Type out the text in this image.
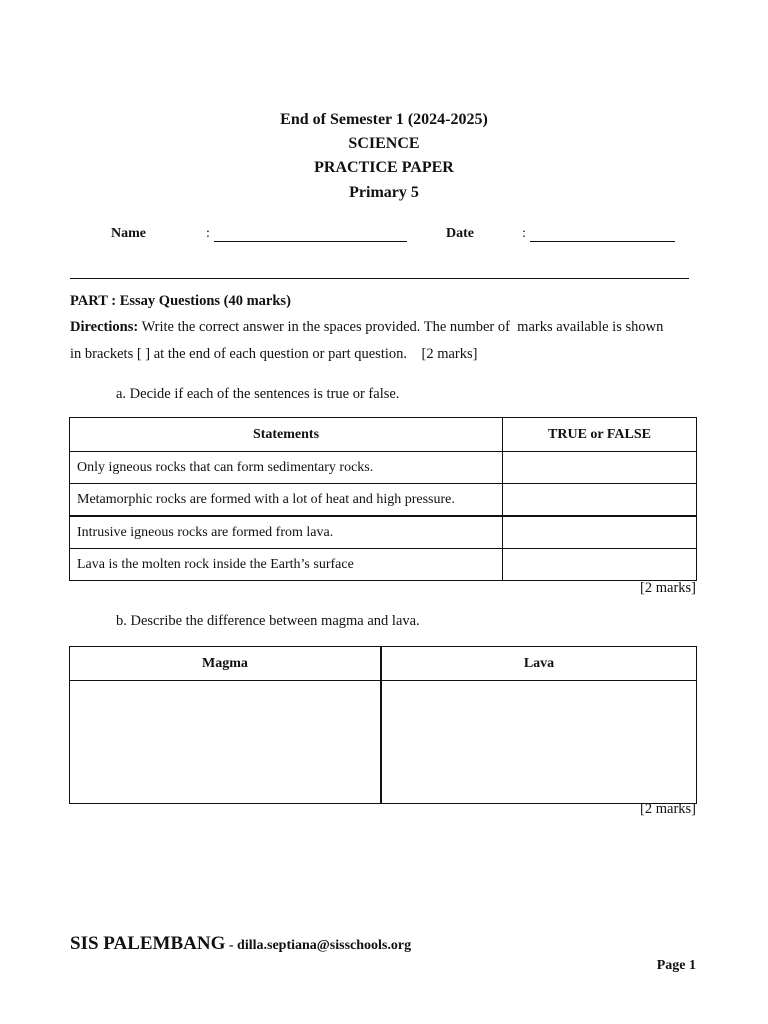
End of Semester 1 (2024-2025)
SCIENCE
PRACTICE PAPER
Primary 5
Name	:	Date	:
PART : Essay Questions (40 marks)
Directions: Write the correct answer in the spaces provided. The number of  marks available is shown
in brackets [ ] at the end of each question or part question.    [2 marks]
a. Decide if each of the sentences is true or false.
Statements	TRUE or FALSE
Only igneous rocks that can form sedimentary rocks.	
Metamorphic rocks are formed with a lot of heat and high pressure.	
Intrusive igneous rocks are formed from lava.	
Lava is the molten rock inside the Earth’s surface	
[2 marks]
b. Describe the difference between magma and lava.
Magma	Lava

[2 marks]
SIS PALEMBANG - dilla.septiana@sisschools.org
Page 1
